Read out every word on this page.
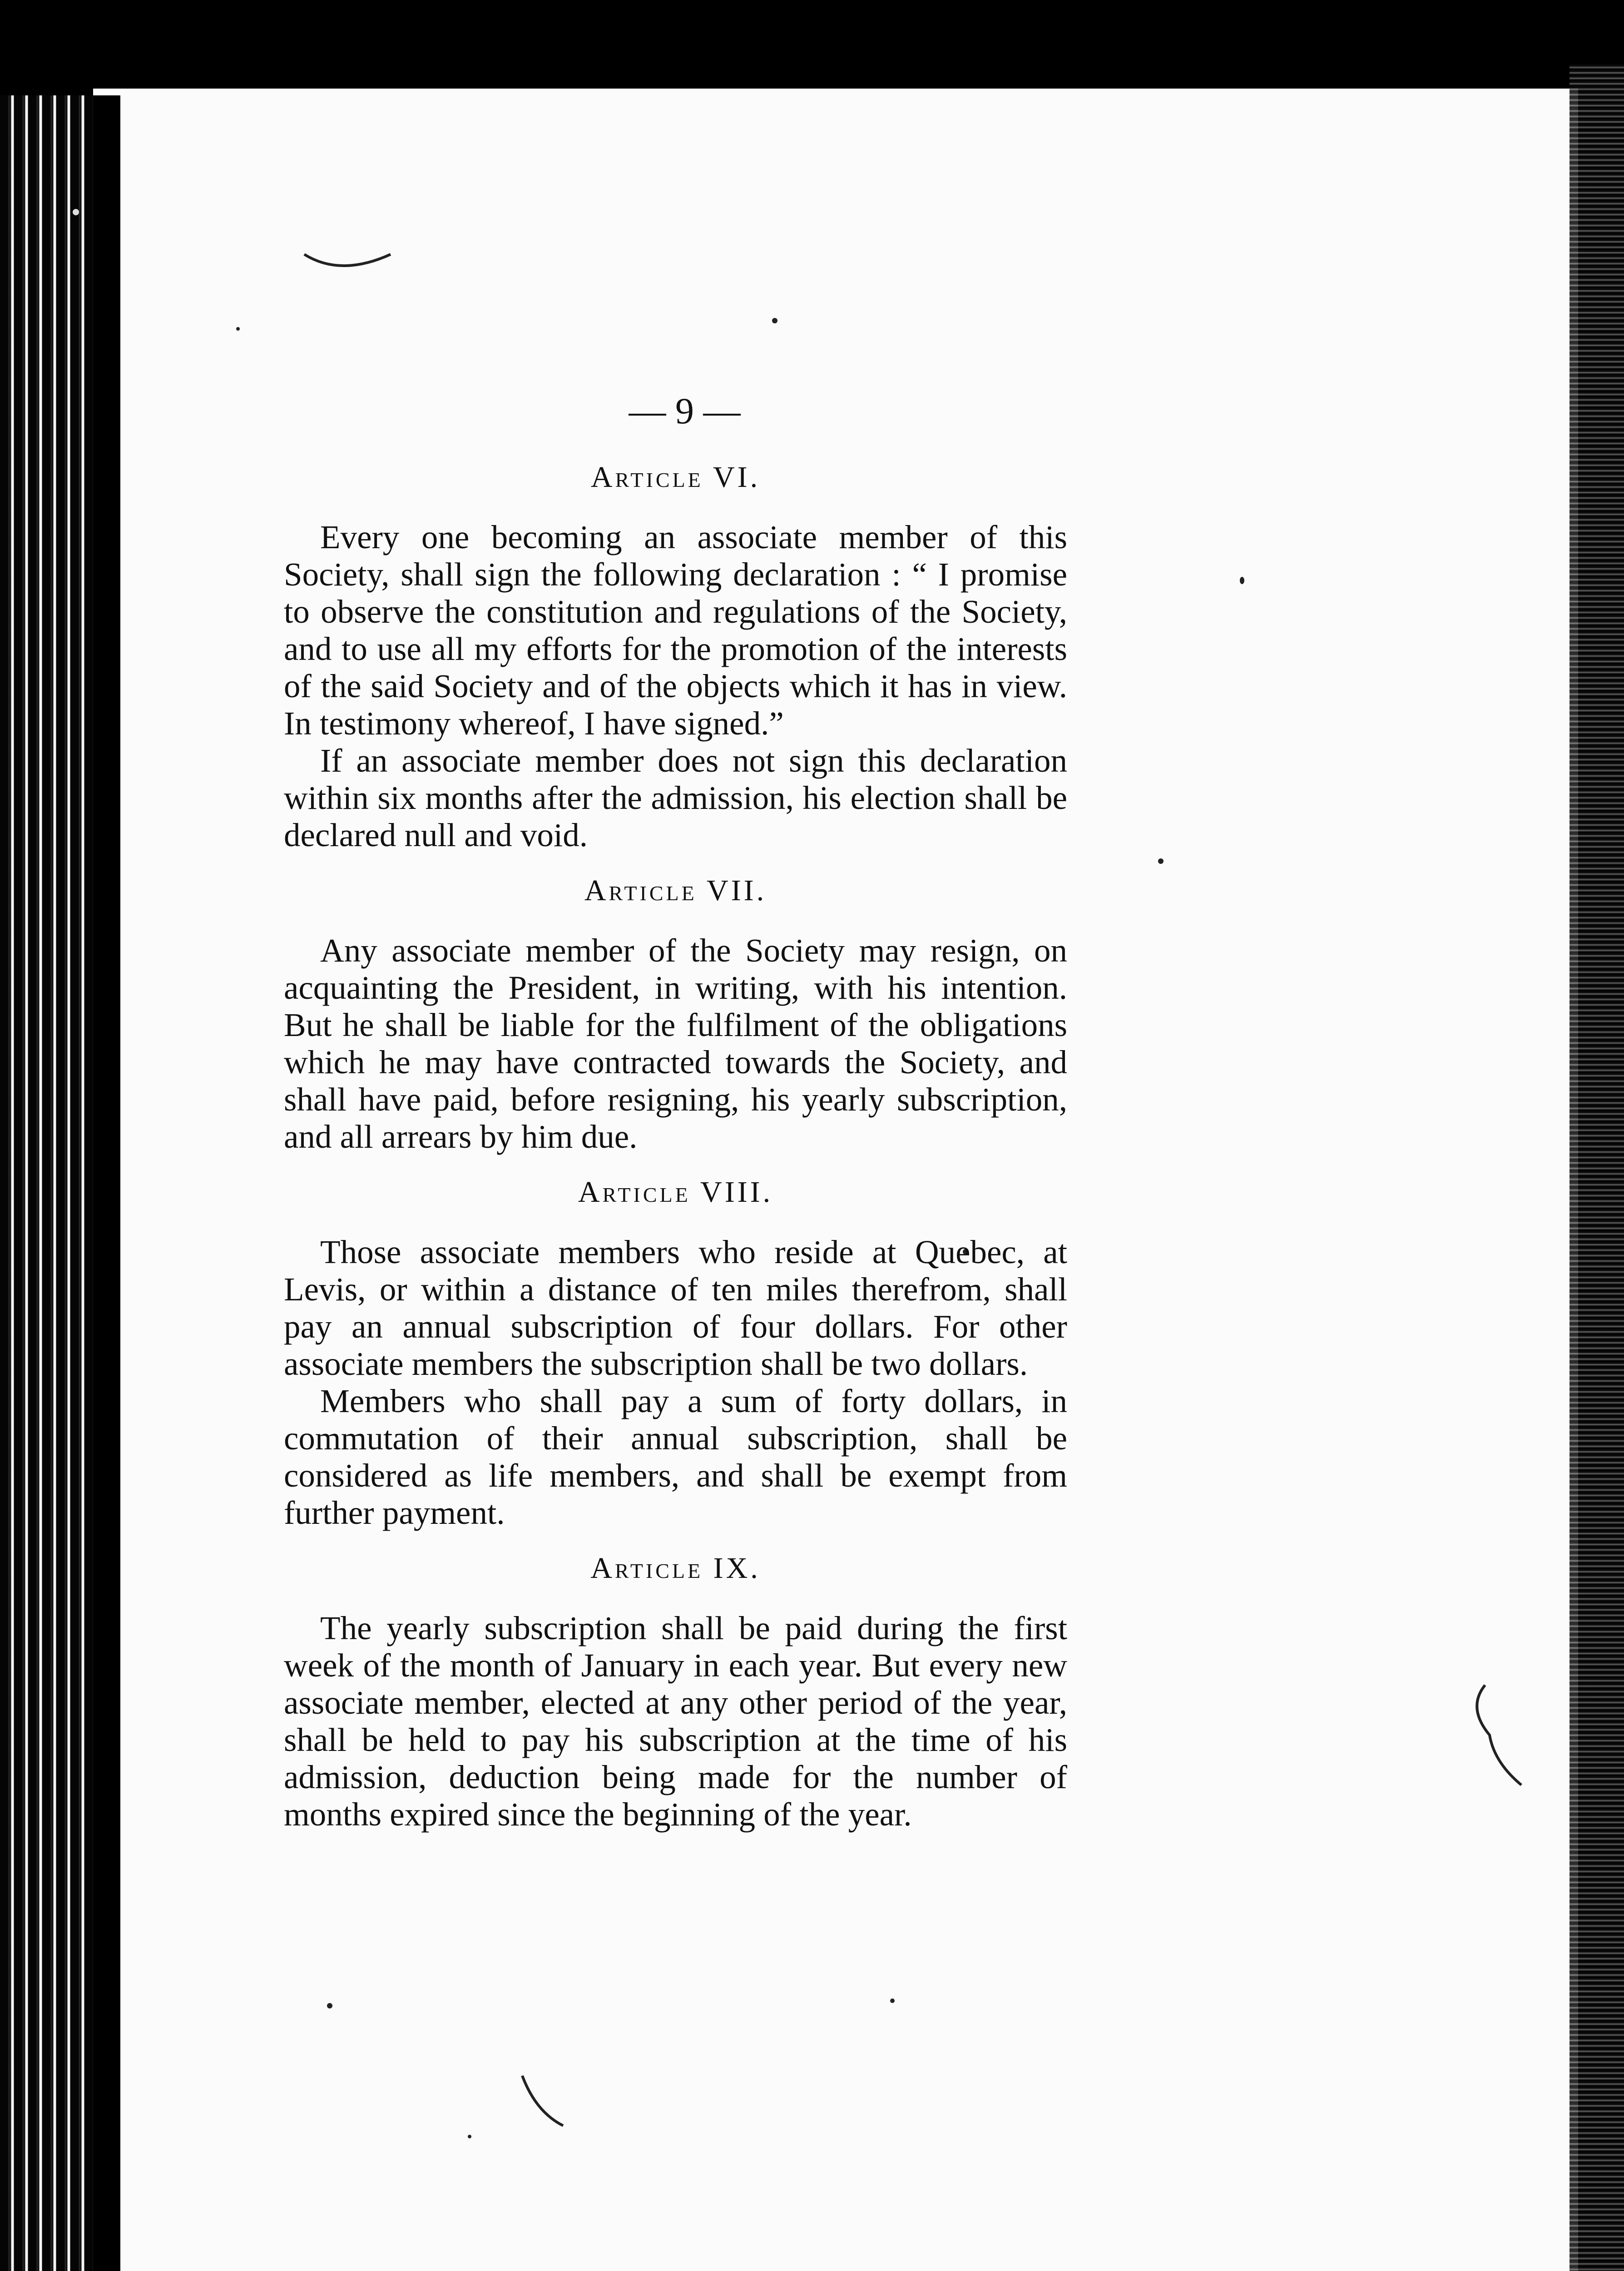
— 9 —
Article VI.

Every one becoming an associate member of this Society, shall sign the following declaration : “ I promise to observe the constitution and regulations of the Society, and to use all my efforts for the promotion of the interests of the said Society and of the objects which it has in view. In testimony whereof, I have signed.”

If an associate member does not sign this declaration within six months after the admission, his election shall be declared null and void.

Article VII.

Any associate member of the Society may resign, on acquainting the President, in writing, with his intention. But he shall be liable for the fulfilment of the obligations which he may have contracted towards the Society, and shall have paid, before resigning, his yearly subscription, and all arrears by him due.

Article VIII.

Those associate members who reside at Quebec, at Levis, or within a distance of ten miles therefrom, shall pay an annual subscription of four dollars. For other associate members the subscription shall be two dollars.

Members who shall pay a sum of forty dollars, in commutation of their annual subscription, shall be considered as life members, and shall be exempt from further payment.

Article IX.

The yearly subscription shall be paid during the first week of the month of January in each year. But every new associate member, elected at any other period of the year, shall be held to pay his subscription at the time of his admission, deduction being made for the number of months expired since the beginning of the year.
